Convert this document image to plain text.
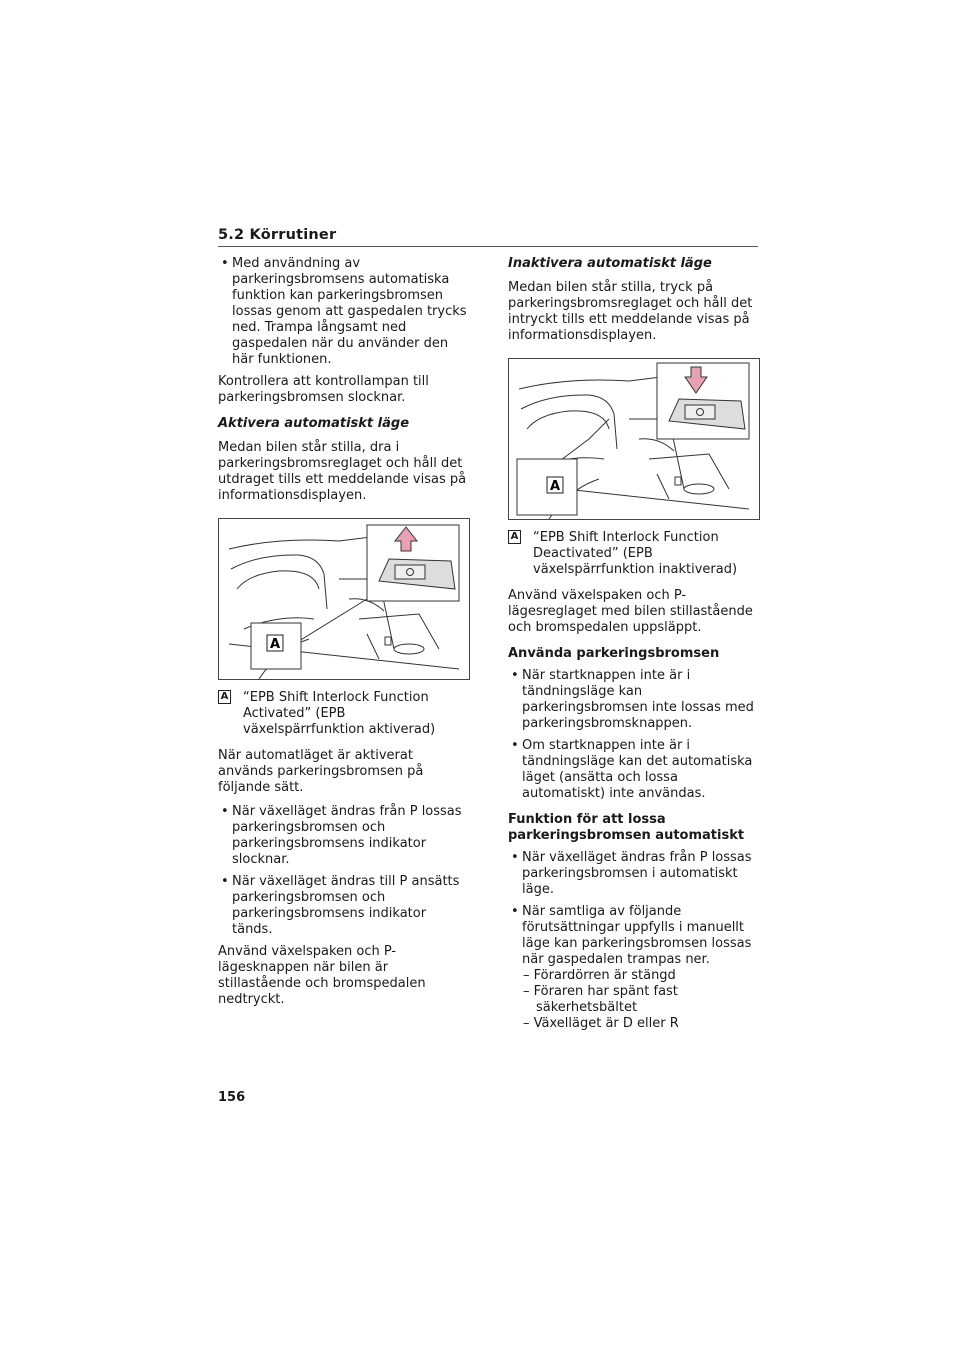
5.2 Körrutiner
• Med användning av parkeringsbromsens automatiska funktion kan parkeringsbromsen lossas genom att gaspedalen trycks ned. Trampa långsamt ned gaspedalen när du använder den här funktionen.

Kontrollera att kontrollampan till parkeringsbromsen slocknar.

Aktivera automatiskt läge

Medan bilen står stilla, dra i parkeringsbromsreglaget och håll det utdraget tills ett meddelande visas på informationsdisplayen.

A
A “EPB Shift Interlock Function Activated” (EPB växelspärrfunktion aktiverad)

När automatläget är aktiverat används parkeringsbromsen på följande sätt.

• När växelläget ändras från P lossas parkeringsbromsen och parkeringsbromsens indikator slocknar.
• När växelläget ändras till P ansätts parkeringsbromsen och parkeringsbromsens indikator tänds.

Använd växelspaken och P-lägesknappen när bilen är stillastående och bromspedalen nedtryckt.

Inaktivera automatiskt läge

Medan bilen står stilla, tryck på parkeringsbromsreglaget och håll det intryckt tills ett meddelande visas på informationsdisplayen.

A
A “EPB Shift Interlock Function Deactivated” (EPB växelspärrfunktion inaktiverad)

Använd växelspaken och P-lägesreglaget med bilen stillastående och bromspedalen uppsläppt.

Använda parkeringsbromsen
• När startknappen inte är i tändningsläge kan parkeringsbromsen inte lossas med parkeringsbromsknappen.
• Om startknappen inte är i tändningsläge kan det automatiska läget (ansätta och lossa automatiskt) inte användas.
Funktion för att lossa parkeringsbromsen automatiskt
• När växelläget ändras från P lossas parkeringsbromsen i automatiskt läge.
• När samtliga av följande förutsättningar uppfylls i manuellt läge kan parkeringsbromsen lossas när gaspedalen trampas ner.
– Förardörren är stängd
– Föraren har spänt fast säkerhetsbältet
– Växelläget är D eller R
156
